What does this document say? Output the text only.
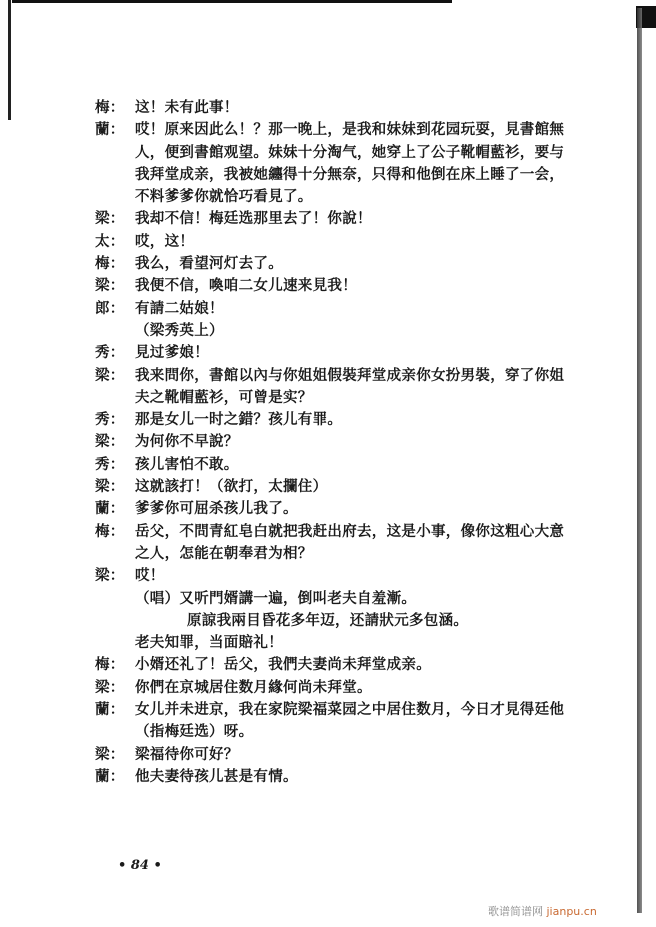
梅： 这！未有此事！
蘭： 哎！原来因此么！？那一晚上，是我和妹妹到花园玩耍，見書館無
人，便到書館观望。妹妹十分淘气，她穿上了公子靴帽藍衫，要与
我拜堂成亲，我被她纏得十分無奈，只得和他倒在床上睡了一会，
不料爹爹你就恰巧看見了。
梁： 我却不信！梅廷选那里去了！你說！
太： 哎，这！
梅： 我么，看望河灯去了。
梁： 我便不信，喚咱二女儿速来見我！
郎： 有請二姑娘！
（梁秀英上）
秀： 見过爹娘！
梁： 我来問你，書館以內与你姐姐假裝拜堂成亲你女扮男裝，穿了你姐
夫之靴帽藍衫，可曾是实？
秀： 那是女儿一时之錯？孩儿有罪。
梁： 为何你不早說？
秀： 孩儿害怕不敢。
梁： 这就該打！（欲打，太攔住）
蘭： 爹爹你可屈杀孩儿我了。
梅： 岳父，不問青紅皂白就把我赶出府去，这是小事，像你这粗心大意
之人，怎能在朝奉君为相？
梁： 哎！
（唱）又听門婿講一遍，倒叫老夫自羞漸。
原諒我兩目昏花多年迈，还請狀元多包涵。
老夫知罪，当面賠礼！
梅： 小婿还礼了！岳父，我們夫妻尚未拜堂成亲。
梁： 你們在京城居住数月緣何尚未拜堂。
蘭： 女儿并未进京，我在家院梁福菜园之中居住数月，今日才見得廷他
（指梅廷选）呀。
梁： 梁福待你可好？
蘭： 他夫妻待孩儿甚是有情。
• 84 •
歌谱简谱网 jianpu.cn
